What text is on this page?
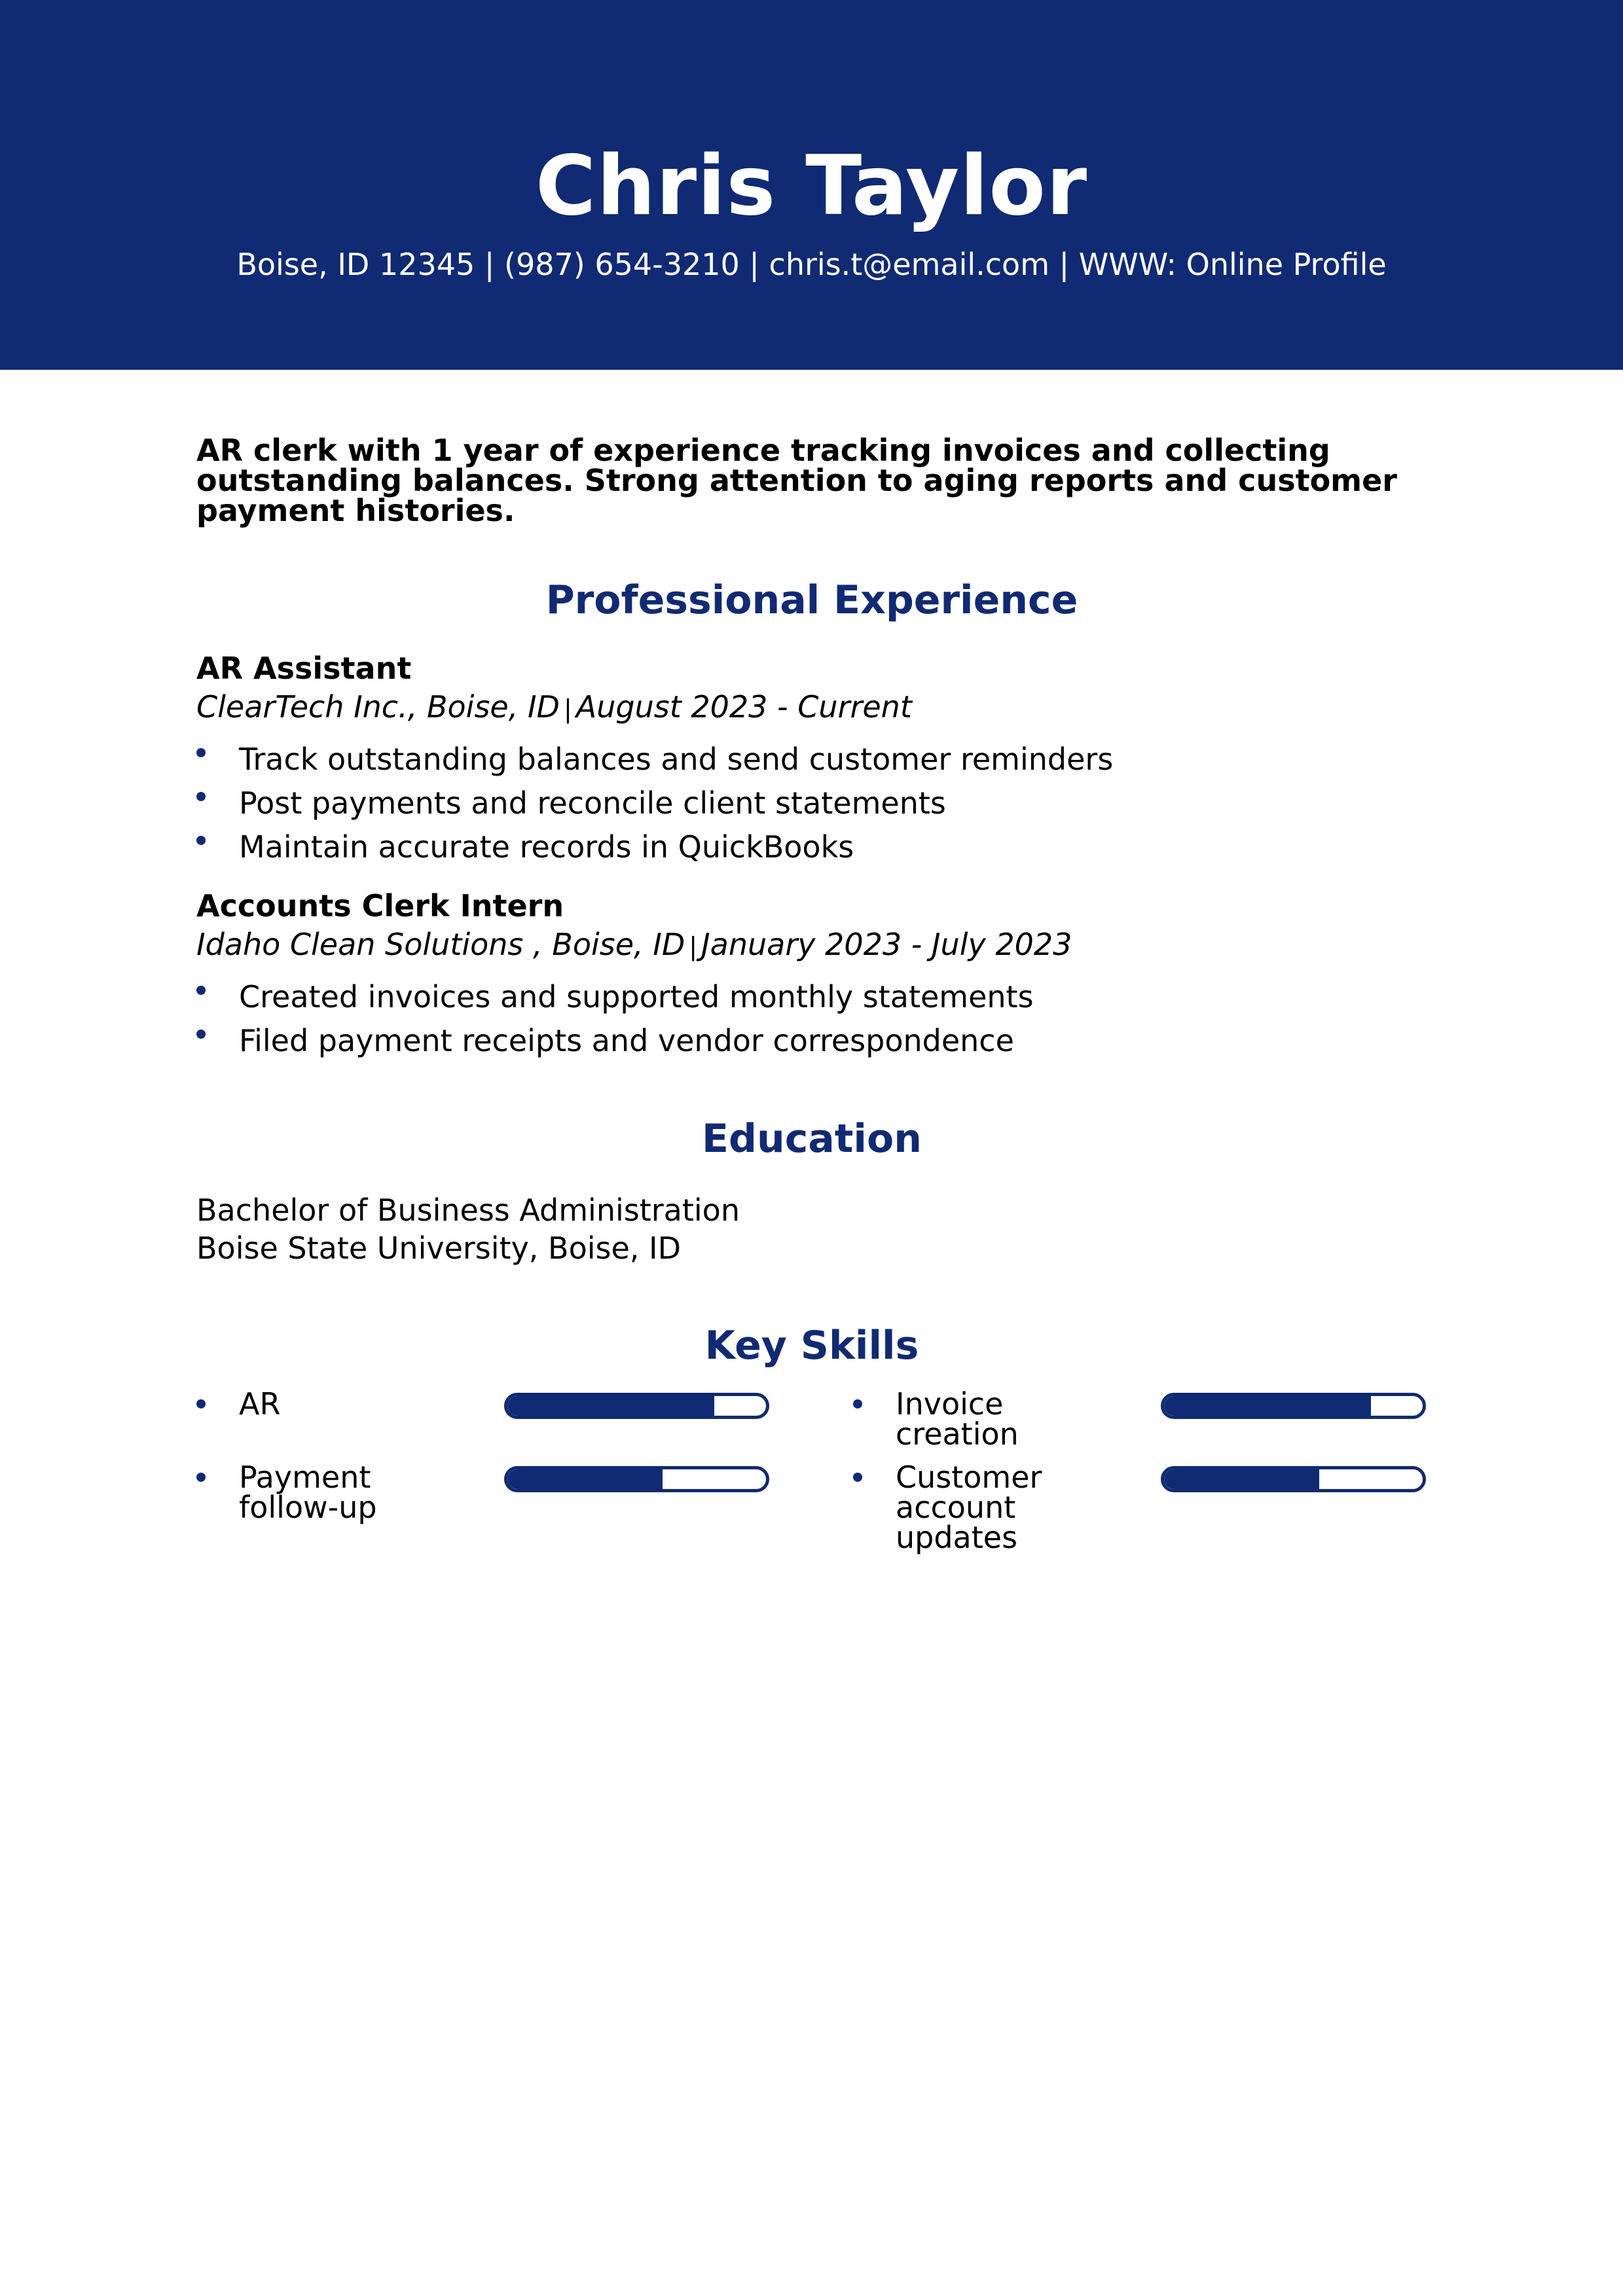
Chris Taylor
Boise, ID 12345 | (987) 654-3210 | chris.t@email.com | WWW: Online Profile

AR clerk with 1 year of experience tracking invoices and collecting outstanding balances. Strong attention to aging reports and customer payment histories.

Professional Experience
AR Assistant
ClearTech Inc., Boise, ID | August 2023 - Current
Track outstanding balances and send customer reminders
Post payments and reconcile client statements
Maintain accurate records in QuickBooks
Accounts Clerk Intern
Idaho Clean Solutions , Boise, ID | January 2023 - July 2023
Created invoices and supported monthly statements
Filed payment receipts and vendor correspondence
Education
Bachelor of Business Administration
Boise State University, Boise, ID
Key Skills
AR	Invoice creation
Payment follow-up
Customer account updates
